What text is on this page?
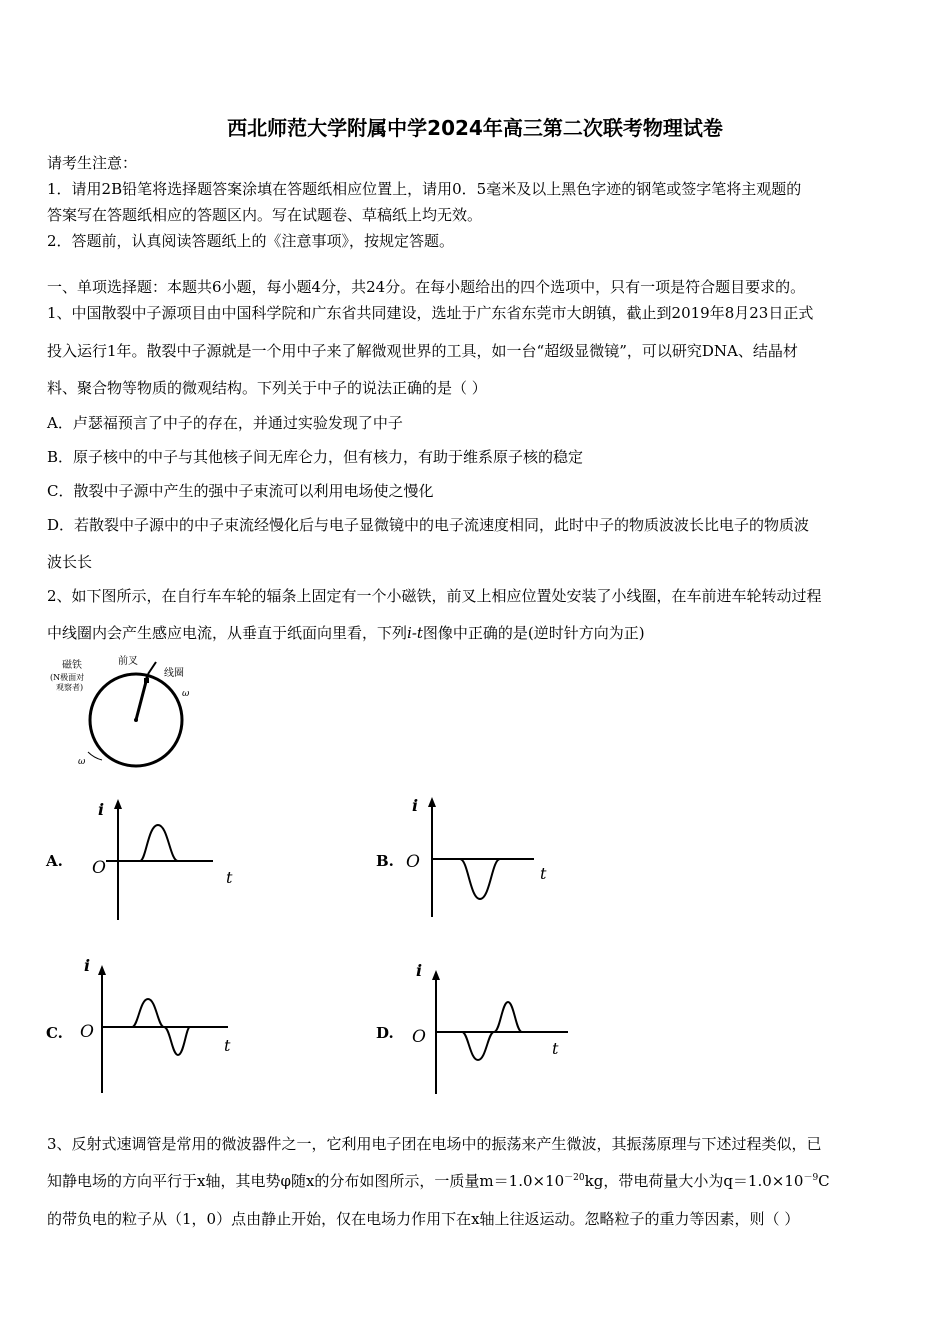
西北师范大学附属中学2024年高三第二次联考物理试卷
请考生注意：
1．请用2B铅笔将选择题答案涂填在答题纸相应位置上，请用0．5毫米及以上黑色字迹的钢笔或签字笔将主观题的
答案写在答题纸相应的答题区内。写在试题卷、草稿纸上均无效。
2．答题前，认真阅读答题纸上的《注意事项》，按规定答题。
一、单项选择题：本题共6小题，每小题4分，共24分。在每小题给出的四个选项中，只有一项是符合题目要求的。
1、中国散裂中子源项目由中国科学院和广东省共同建设，选址于广东省东莞市大朗镇，截止到2019年8月23日正式
投入运行1年。散裂中子源就是一个用中子来了解微观世界的工具，如一台“超级显微镜”，可以研究DNA、结晶材
料、聚合物等物质的微观结构。下列关于中子的说法正确的是（ ）
A．卢瑟福预言了中子的存在，并通过实验发现了中子
B．原子核中的中子与其他核子间无库仑力，但有核力，有助于维系原子核的稳定
C．散裂中子源中产生的强中子束流可以利用电场使之慢化
D．若散裂中子源中的中子束流经慢化后与电子显微镜中的电子流速度相同，此时中子的物质波波长比电子的物质波
波长长
2、如下图所示，在自行车车轮的辐条上固定有一个小磁铁，前叉上相应位置处安装了小线圈，在车前进车轮转动过程
中线圈内会产生感应电流，从垂直于纸面向里看，下列i-t图像中正确的是(逆时针方向为正)
磁铁
(N极面对
观察者)
前叉
线圈
ω
ω
A.	B.
C.	D.
i
O	t
i
O
t
i
O
t
i
O
t
3、反射式速调管是常用的微波器件之一，它利用电子团在电场中的振荡来产生微波，其振荡原理与下述过程类似，已
知静电场的方向平行于x轴，其电势φ随x的分布如图所示，一质量$m=1.0\times 10^{-20}kg$，带电荷量大小为$q=1.0\times 10^{-9}C$
的带负电的粒子从（1，0）点由静止开始，仅在电场力作用下在x轴上往返运动。忽略粒子的重力等因素，则（ ）
